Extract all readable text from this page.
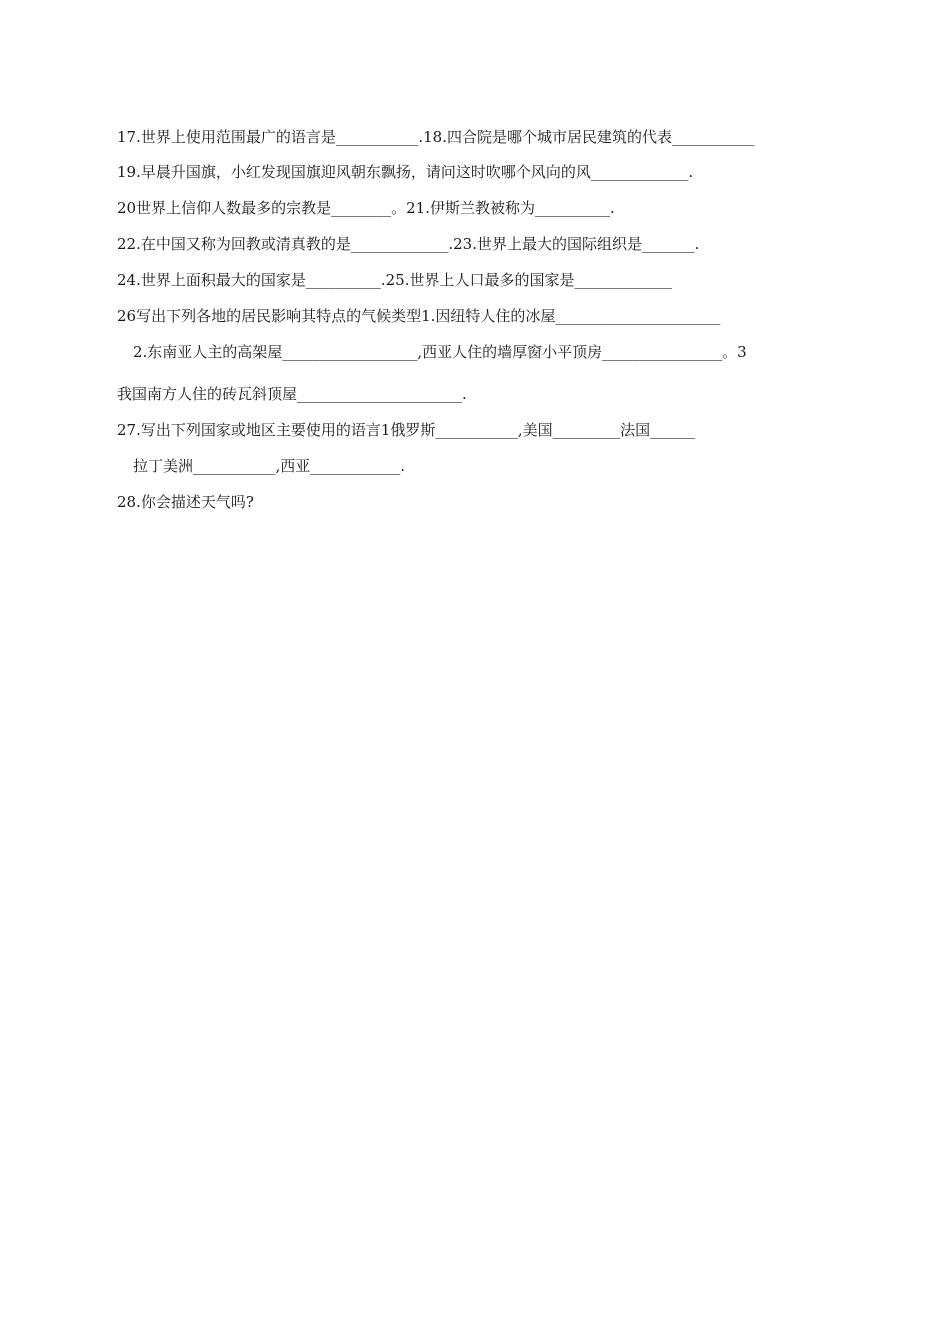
17.世界上使用范围最广的语言是___________.18.四合院是哪个城市居民建筑的代表___________
19.早晨升国旗，小红发现国旗迎风朝东飘扬，请问这时吹哪个风向的风_____________.
20世界上信仰人数最多的宗教是________。21.伊斯兰教被称为__________.
22.在中国又称为回教或清真教的是_____________.23.世界上最大的国际组织是_______.
24.世界上面积最大的国家是__________.25.世界上人口最多的国家是_____________
26写出下列各地的居民影响其特点的气候类型1.因纽特人住的冰屋______________________
2.东南亚人主的高架屋__________________,西亚人住的墙厚窗小平顶房________________。3
我国南方人住的砖瓦斜顶屋______________________.
27.写出下列国家或地区主要使用的语言1俄罗斯___________,美国_________法国______
拉丁美洲___________,西亚____________.
28.你会描述天气吗?
